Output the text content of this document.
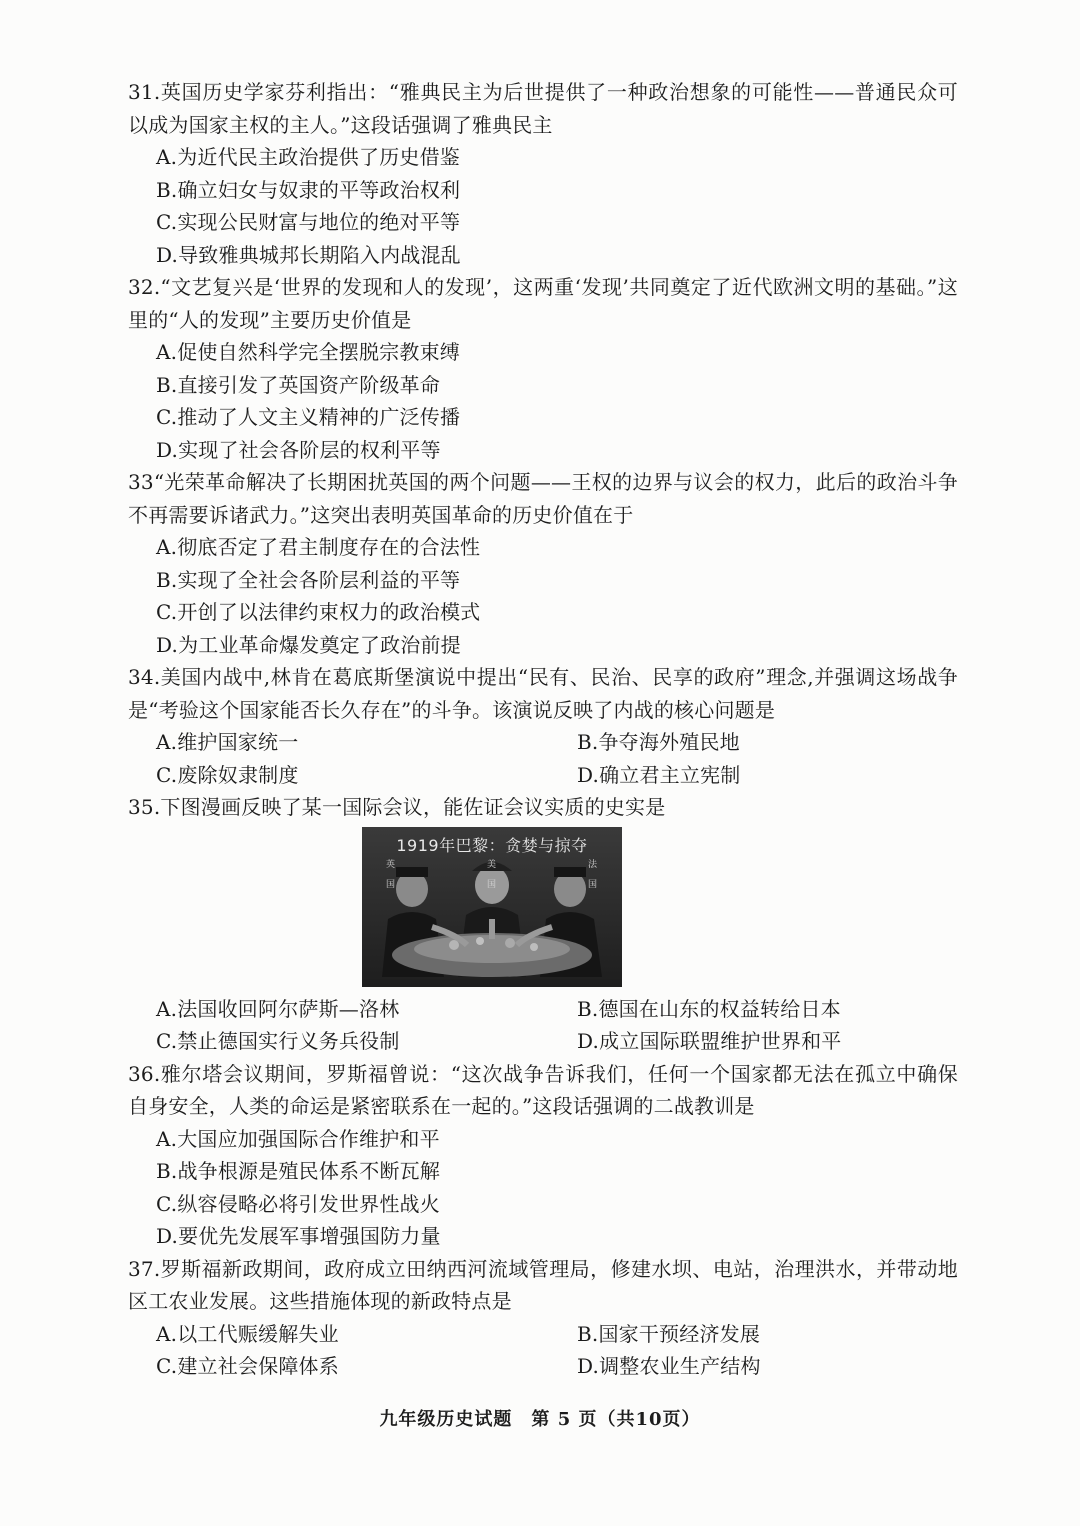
31.英国历史学家芬利指出：“雅典民主为后世提供了一种政治想象的可能性——普通民众可以成为国家主权的主人。”这段话强调了雅典民主

A.为近代民主政治提供了历史借鉴

B.确立妇女与奴隶的平等政治权利

C.实现公民财富与地位的绝对平等

D.导致雅典城邦长期陷入内战混乱

32.“文艺复兴是‘世界的发现和人的发现’，这两重‘发现’共同奠定了近代欧洲文明的基础。”这里的“人的发现”主要历史价值是

A.促使自然科学完全摆脱宗教束缚

B.直接引发了英国资产阶级革命

C.推动了人文主义精神的广泛传播

D.实现了社会各阶层的权利平等

33“光荣革命解决了长期困扰英国的两个问题——王权的边界与议会的权力，此后的政治斗争不再需要诉诸武力。”这突出表明英国革命的历史价值在于

A.彻底否定了君主制度存在的合法性

B.实现了全社会各阶层利益的平等

C.开创了以法律约束权力的政治模式

D.为工业革命爆发奠定了政治前提

34.美国内战中,林肯在葛底斯堡演说中提出“民有、民治、民享的政府”理念,并强调这场战争是“考验这个国家能否长久存在”的斗争。该演说反映了内战的核心问题是

A.维护国家统一	B.争夺海外殖民地

C.废除奴隶制度	D.确立君主立宪制

35.下图漫画反映了某一国际会议，能佐证会议实质的史实是

1919年巴黎：贪婪与掠夺
英	美	法
国	国	国

A.法国收回阿尔萨斯—洛林	B.德国在山东的权益转给日本

C.禁止德国实行义务兵役制	D.成立国际联盟维护世界和平

36.雅尔塔会议期间，罗斯福曾说：“这次战争告诉我们，任何一个国家都无法在孤立中确保自身安全，人类的命运是紧密联系在一起的。”这段话强调的二战教训是

A.大国应加强国际合作维护和平

B.战争根源是殖民体系不断瓦解

C.纵容侵略必将引发世界性战火

D.要优先发展军事增强国防力量

37.罗斯福新政期间，政府成立田纳西河流域管理局，修建水坝、电站，治理洪水，并带动地区工农业发展。这些措施体现的新政特点是

A.以工代赈缓解失业	B.国家干预经济发展

C.建立社会保障体系	D.调整农业生产结构

九年级历史试题　第 5 页（共10页）
